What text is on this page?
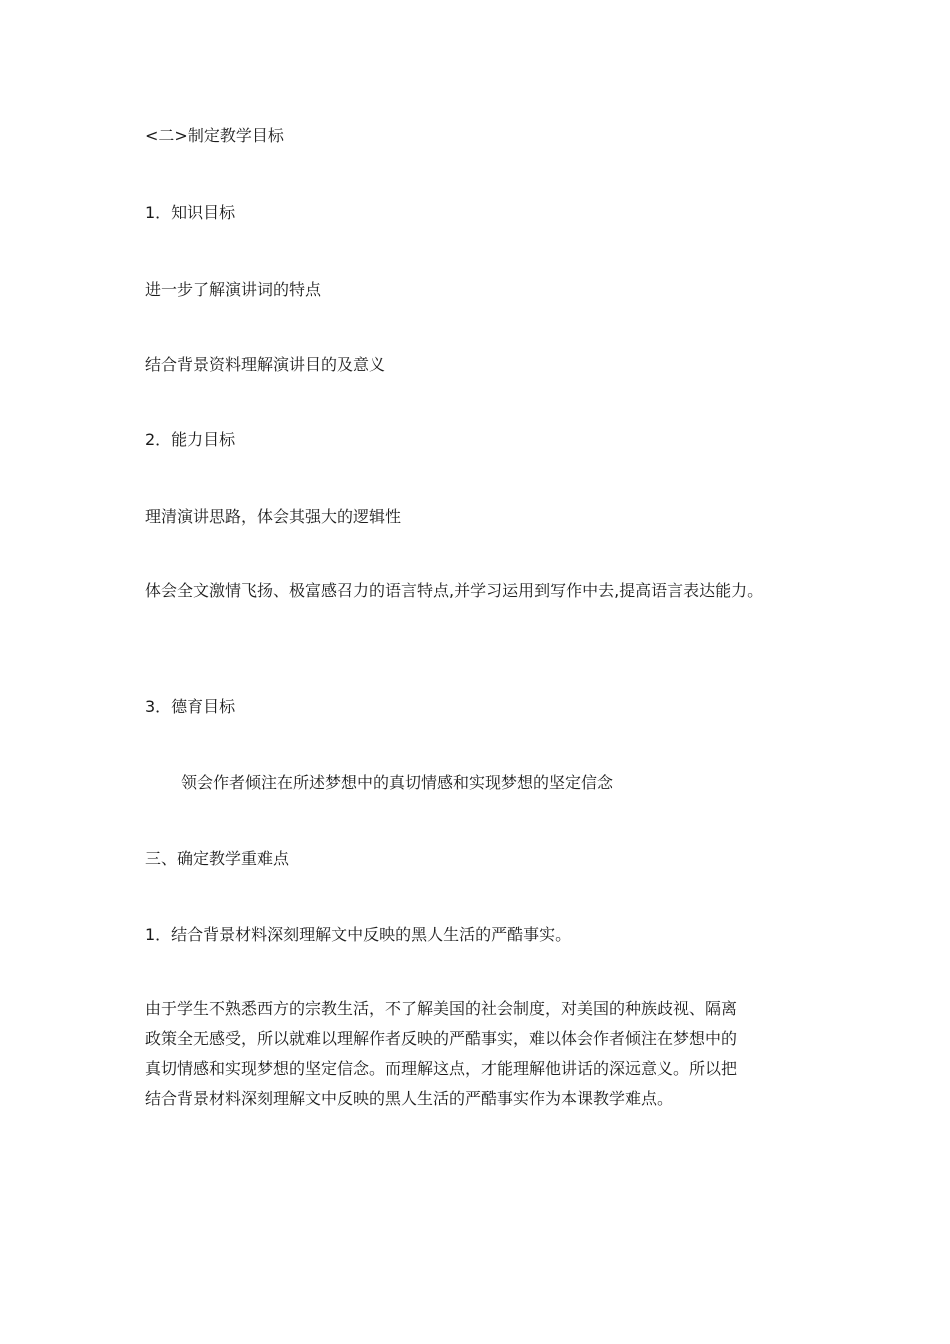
<二>制定教学目标
1．知识目标
进一步了解演讲词的特点
结合背景资料理解演讲目的及意义
2．能力目标
理清演讲思路，体会其强大的逻辑性
体会全文激情飞扬、极富感召力的语言特点,并学习运用到写作中去,提高语言表达能力。
3．德育目标
领会作者倾注在所述梦想中的真切情感和实现梦想的坚定信念
三、确定教学重难点
1．结合背景材料深刻理解文中反映的黑人生活的严酷事实。
由于学生不熟悉西方的宗教生活，不了解美国的社会制度，对美国的种族歧视、隔离
政策全无感受，所以就难以理解作者反映的严酷事实，难以体会作者倾注在梦想中的
真切情感和实现梦想的坚定信念。而理解这点，才能理解他讲话的深远意义。所以把
结合背景材料深刻理解文中反映的黑人生活的严酷事实作为本课教学难点。
